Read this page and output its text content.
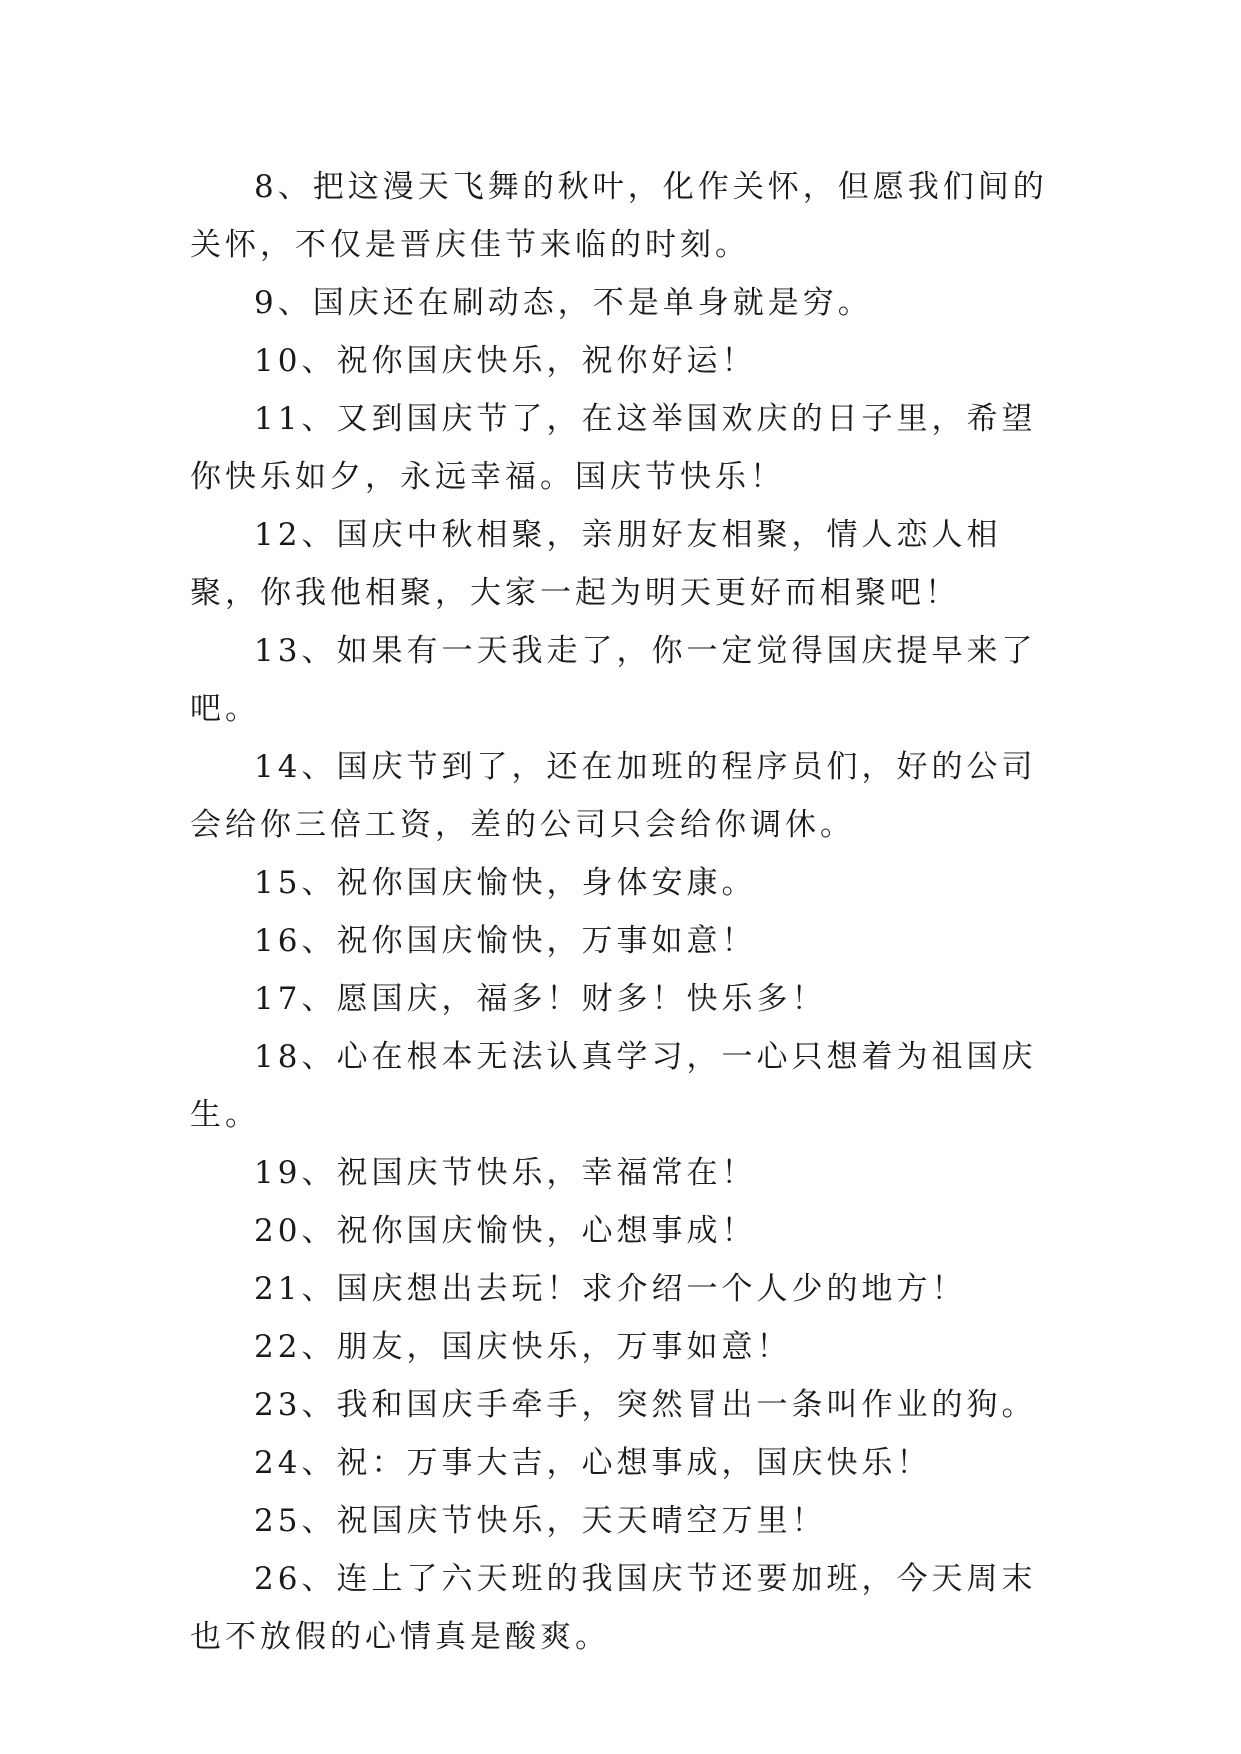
8、把这漫天飞舞的秋叶，化作关怀，但愿我们间的关怀，不仅是晋庆佳节来临的时刻。

9、国庆还在刷动态，不是单身就是穷。

10、祝你国庆快乐，祝你好运！

11、又到国庆节了，在这举国欢庆的日子里，希望你快乐如夕，永远幸福。国庆节快乐！

12、国庆中秋相聚，亲朋好友相聚，情人恋人相聚，你我他相聚，大家一起为明天更好而相聚吧！

13、如果有一天我走了，你一定觉得国庆提早来了吧。

14、国庆节到了，还在加班的程序员们，好的公司会给你三倍工资，差的公司只会给你调休。

15、祝你国庆愉快，身体安康。

16、祝你国庆愉快，万事如意！

17、愿国庆，福多！财多！快乐多！

18、心在根本无法认真学习，一心只想着为祖国庆生。

19、祝国庆节快乐，幸福常在！

20、祝你国庆愉快，心想事成！

21、国庆想出去玩！求介绍一个人少的地方！

22、朋友，国庆快乐，万事如意！

23、我和国庆手牵手，突然冒出一条叫作业的狗。

24、祝：万事大吉，心想事成，国庆快乐！

25、祝国庆节快乐，天天晴空万里！

26、连上了六天班的我国庆节还要加班，今天周末也不放假的心情真是酸爽。
